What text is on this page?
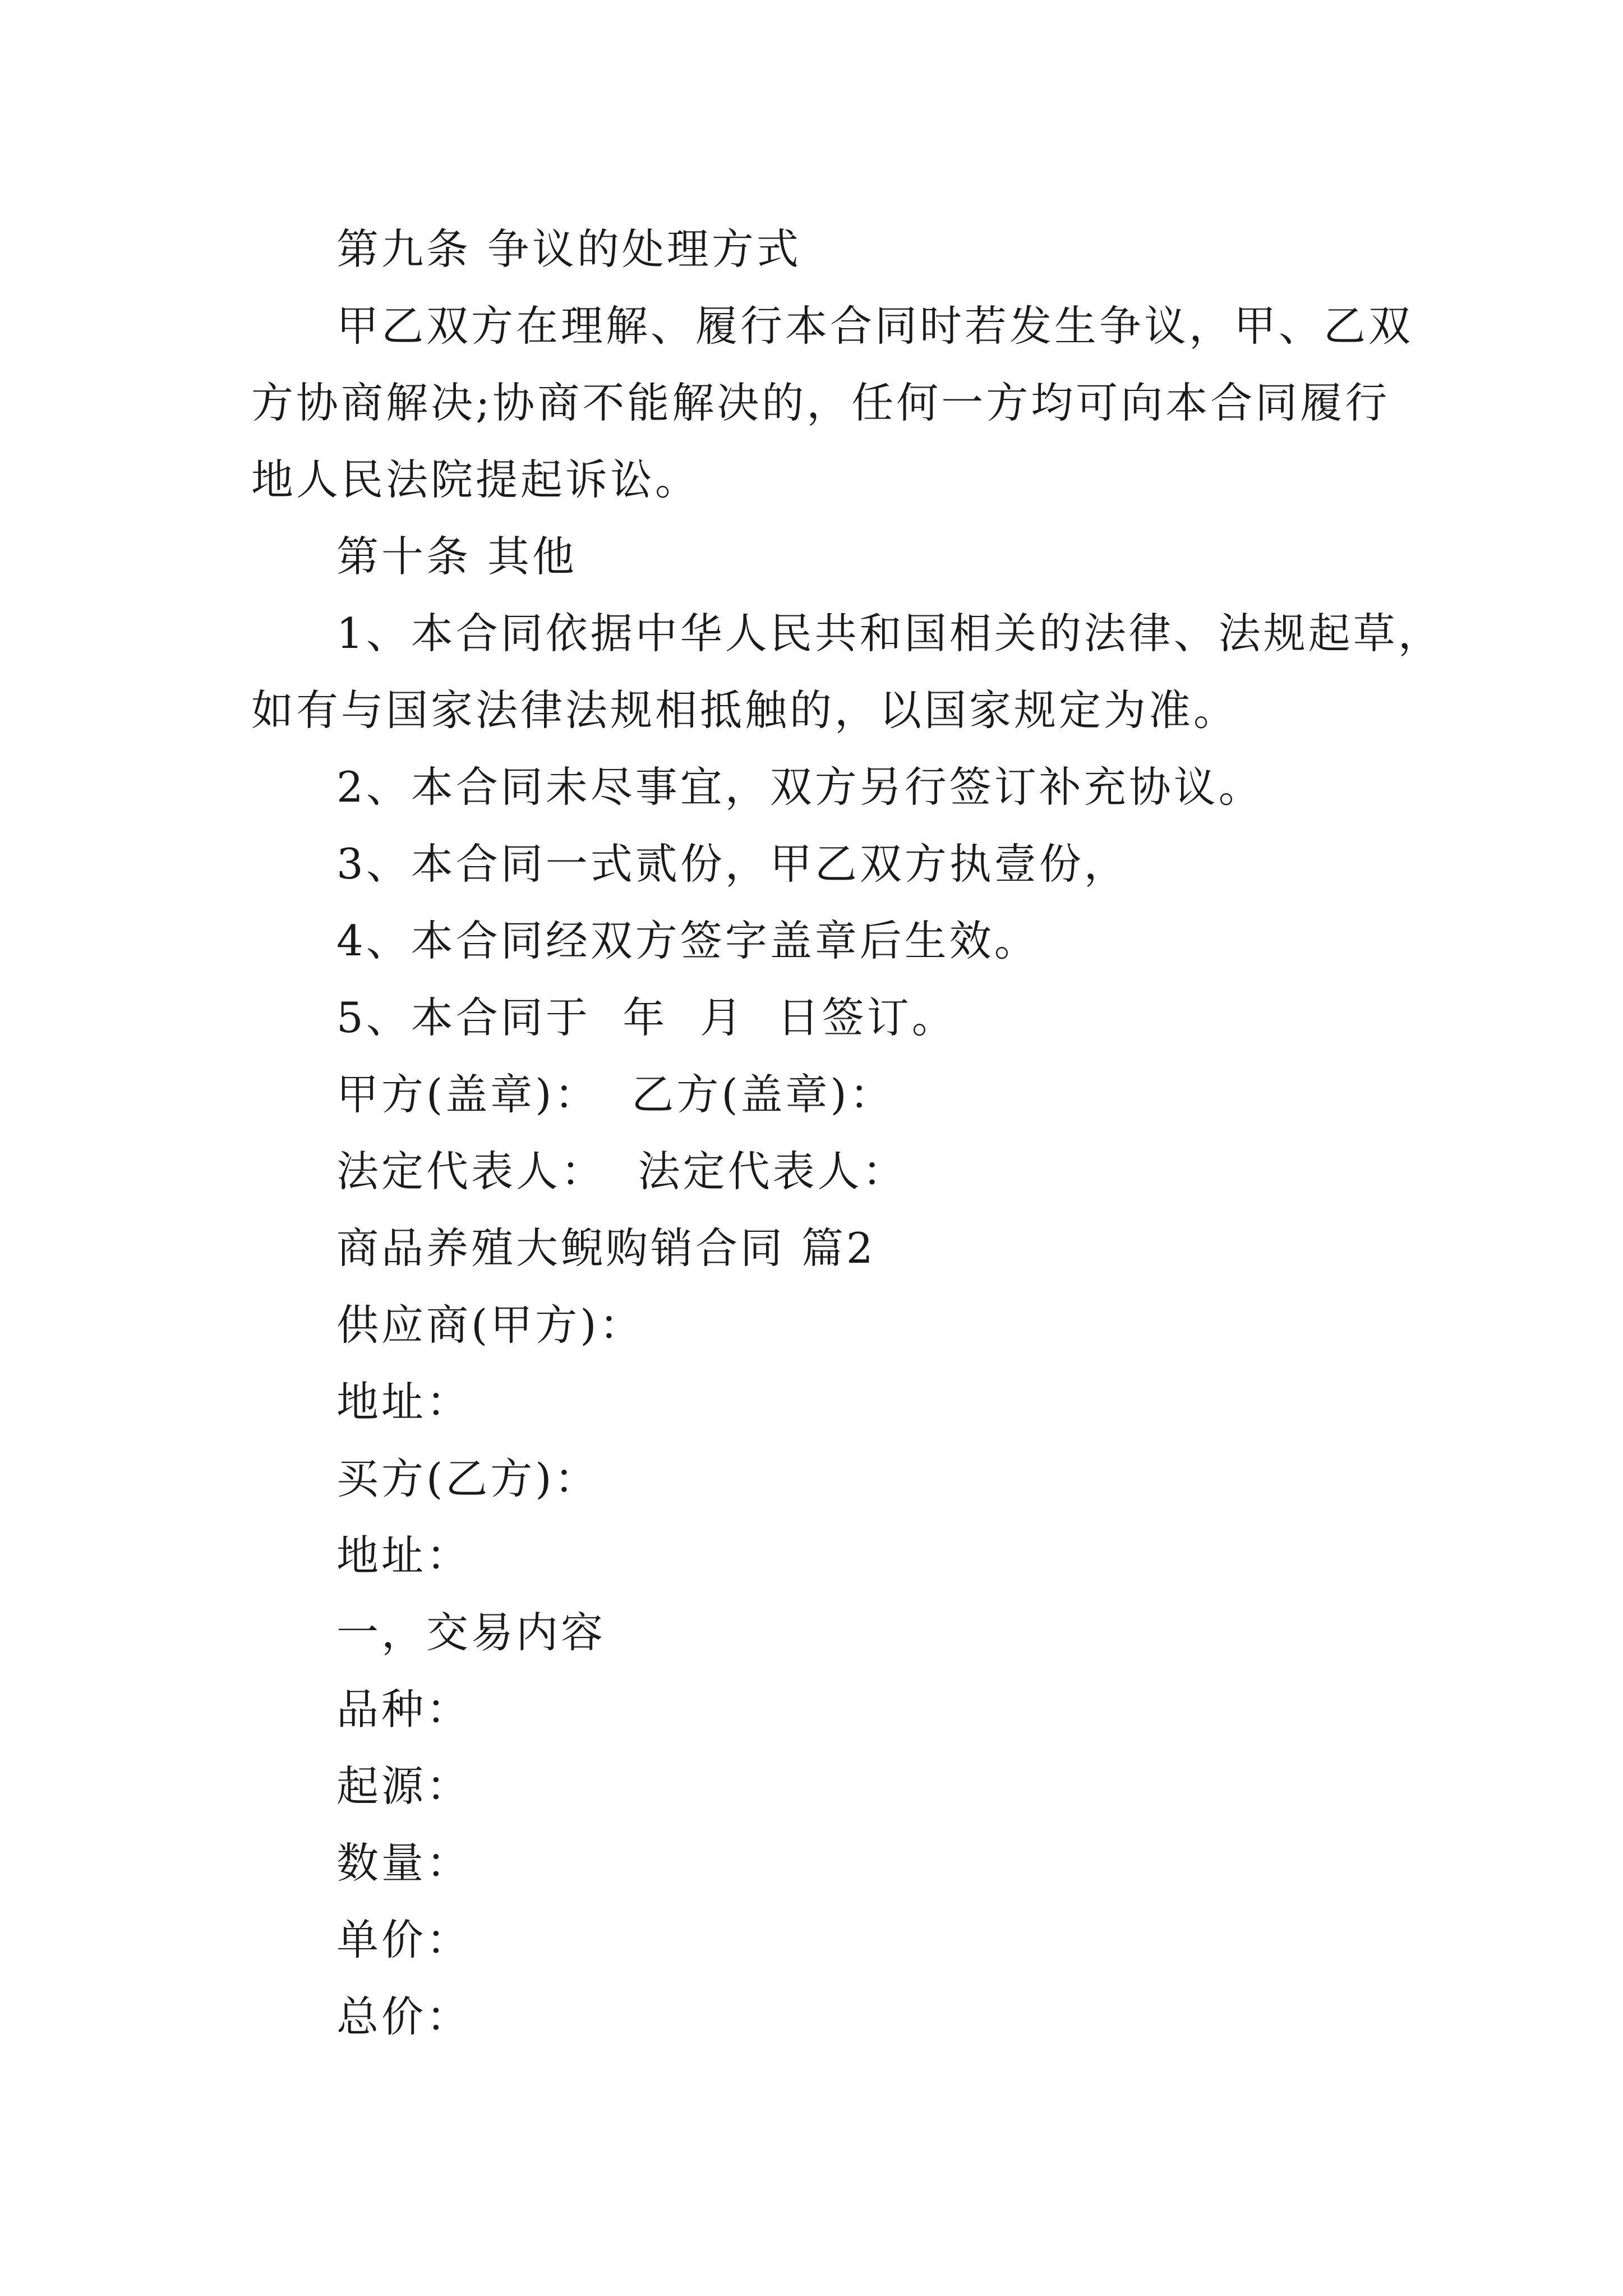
第九条 争议的处理方式
甲乙双方在理解、履行本合同时若发生争议，甲、乙双
方协商解决;协商不能解决的，任何一方均可向本合同履行
地人民法院提起诉讼。
第十条 其他
1、本合同依据中华人民共和国相关的法律、法规起草，
如有与国家法律法规相抵触的，以国家规定为准。
2、本合同未尽事宜，双方另行签订补充协议。
3、本合同一式贰份，甲乙双方执壹份，
4、本合同经双方签字盖章后生效。
5、本合同于  年  月  日签订。
甲方(盖章)：  乙方(盖章)：
法定代表人：  法定代表人：
商品养殖大鲵购销合同 篇2
供应商(甲方)：
地址：
买方(乙方)：
地址：
一，交易内容
品种：
起源：
数量：
单价：
总价：
